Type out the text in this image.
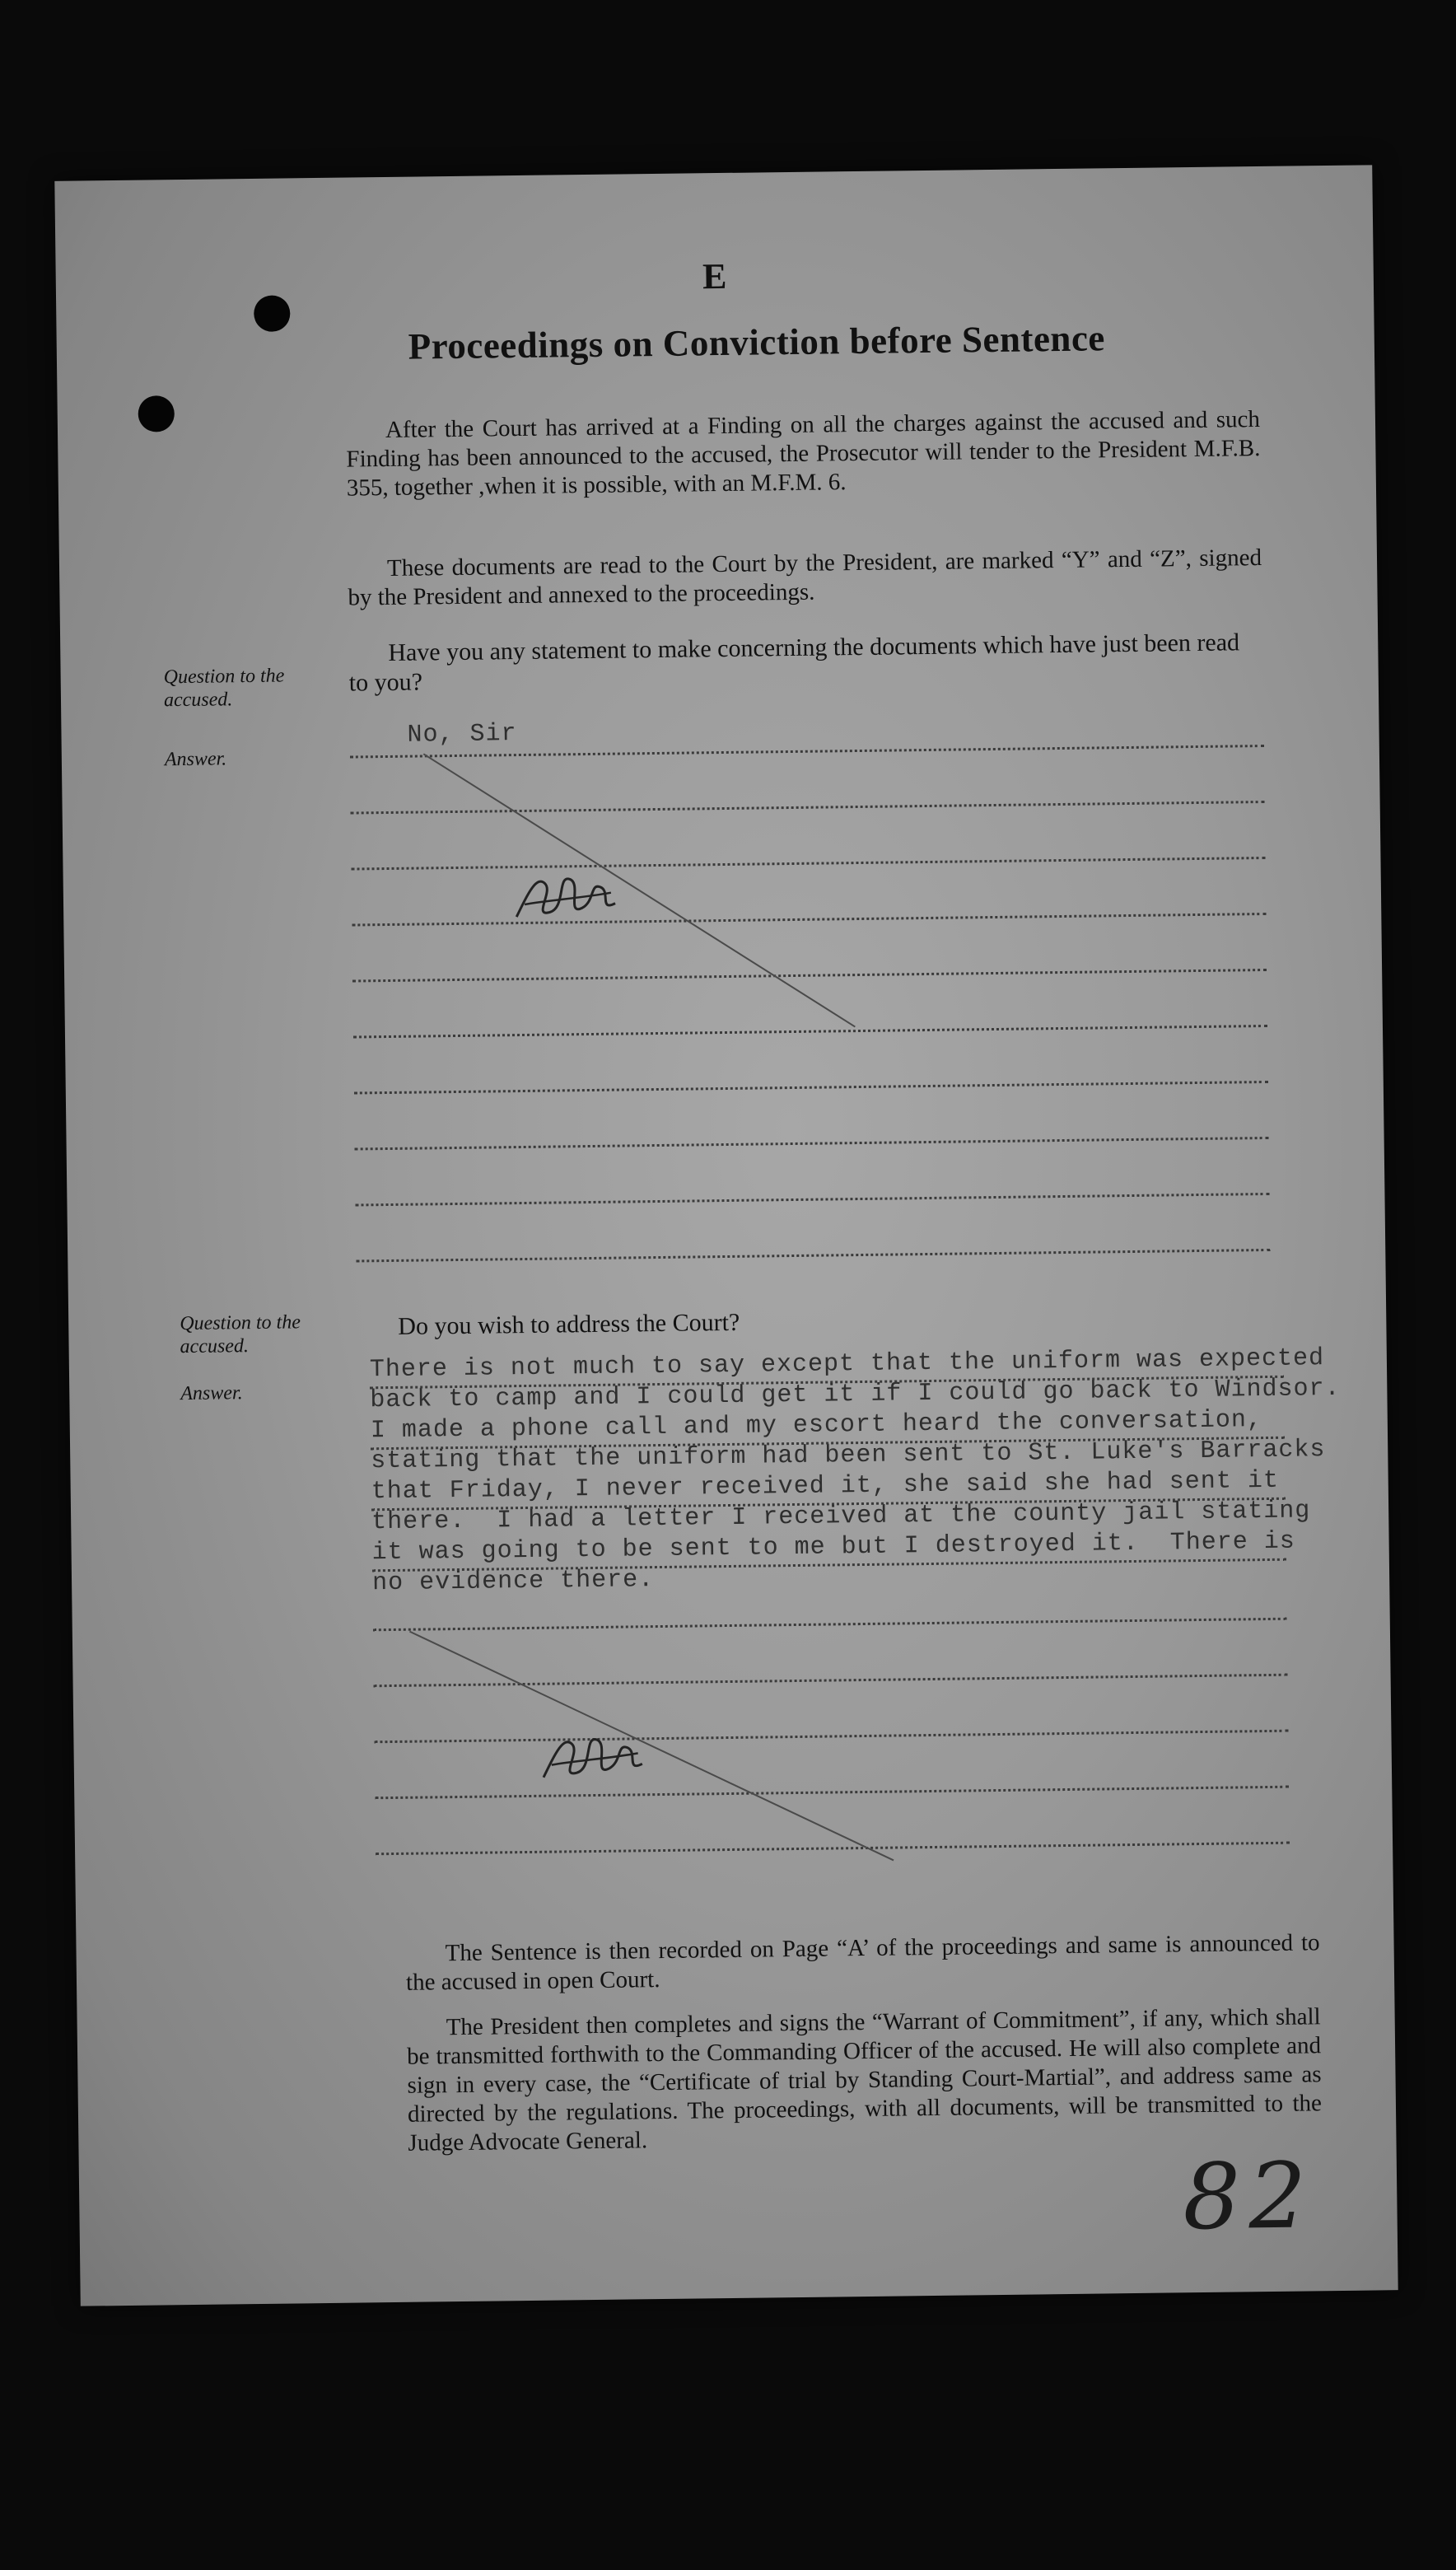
E
Proceedings on Conviction before Sentence
After the Court has arrived at a Finding on all the charges against the accused and such Finding has been announced to the accused, the Prosecutor will tender to the President M.F.B. 355, together ,when it is possible, with an M.F.M. 6.
These documents are read to the Court by the President, are marked “Y” and “Z”, signed by the President and annexed to the proceedings.
Question to the accused.
Have you any statement to make concerning the documents which have just been read to you?
Answer.
No, Sir
Question to the accused.
Do you wish to address the Court?
Answer.
There is not much to say except that the uniform was expected
back to camp and I could get it if I could go back to Windsor.
I made a phone call and my escort heard the conversation,
stating that the uniform had been sent to St. Luke's Barracks
that Friday, I never received it, she said she had sent it
there.  I had a letter I received at the county jail stating
it was going to be sent to me but I destroyed it.  There is
no evidence there.
The Sentence is then recorded on Page “A’ of the proceedings and same is announced to the accused in open Court.
The President then completes and signs the “Warrant of Commitment”, if any, which shall be transmitted forthwith to the Commanding Officer of the accused. He will also complete and sign in every case, the “Certificate of trial by Standing Court-Martial”, and address same as directed by the regulations. The proceedings, with all documents, will be transmitted to the Judge Advocate General.
82
